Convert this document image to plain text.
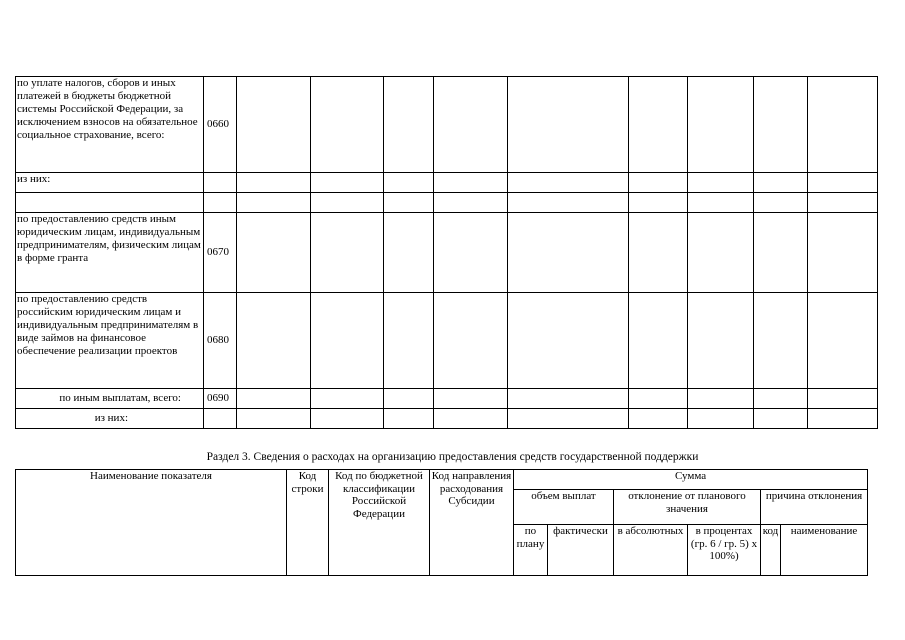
по уплате налогов, сборов и иных платежей в бюджеты бюджетной системы Российской Федерации, за исключением взносов на обязательное социальное страхование, всего:	0660									
из них:										

по предоставлению средств иным юридическим лицам, индивидуальным предпринимателям, физическим лицам в форме гранта	0670									
по предоставлению средств российским юридическим лицам и индивидуальным предпринимателям в виде займов на финансовое обеспечение реализации проектов	0680									
по иным выплатам, всего:	0690									
из них:										
Раздел 3. Сведения о расходах на организацию предоставления средств государственной поддержки
Наименование показателя	Код строки	Код по бюджетной классификации Российской Федерации	Код направления расходования Субсидии	Сумма					
				объем выплат		отклонение от планового значения		причина отклонения	
				по плану	фактически	в абсолютных	в процентах (гр. 6 / гр. 5) x 100%)	код	наименование
